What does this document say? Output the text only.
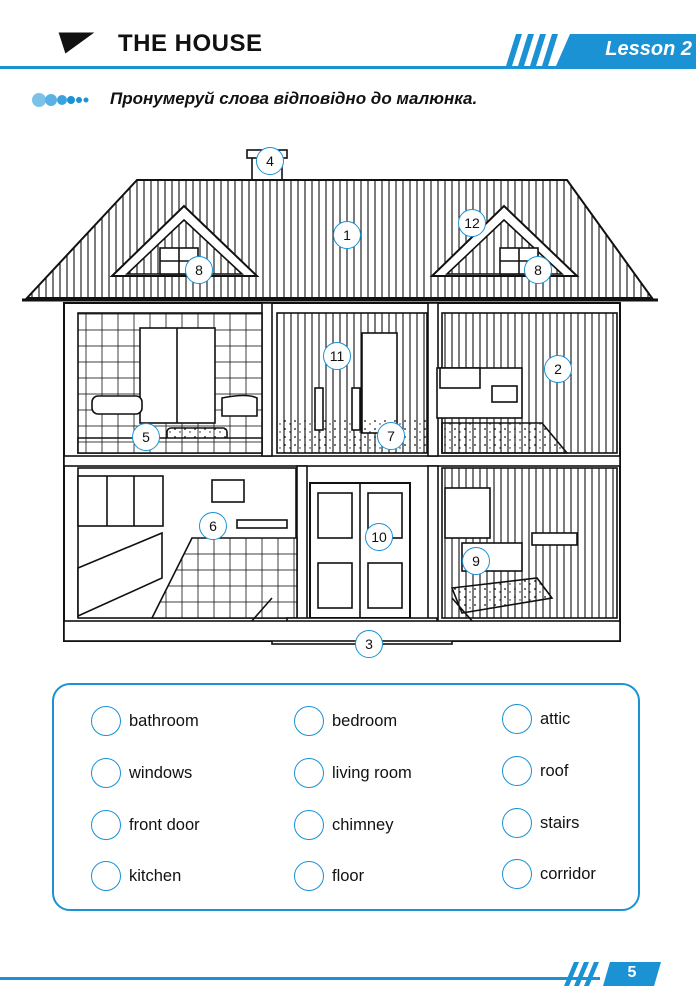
THE HOUSE	Lesson 2
Пронумеруй слова відповідно до малюнка.
4
1
12
8	8
11
2
5	7
6
10
9
3
bathroom
windows
front door
kitchen
bedroom
living room
chimney
floor
attic
roof
stairs
corridor
5
